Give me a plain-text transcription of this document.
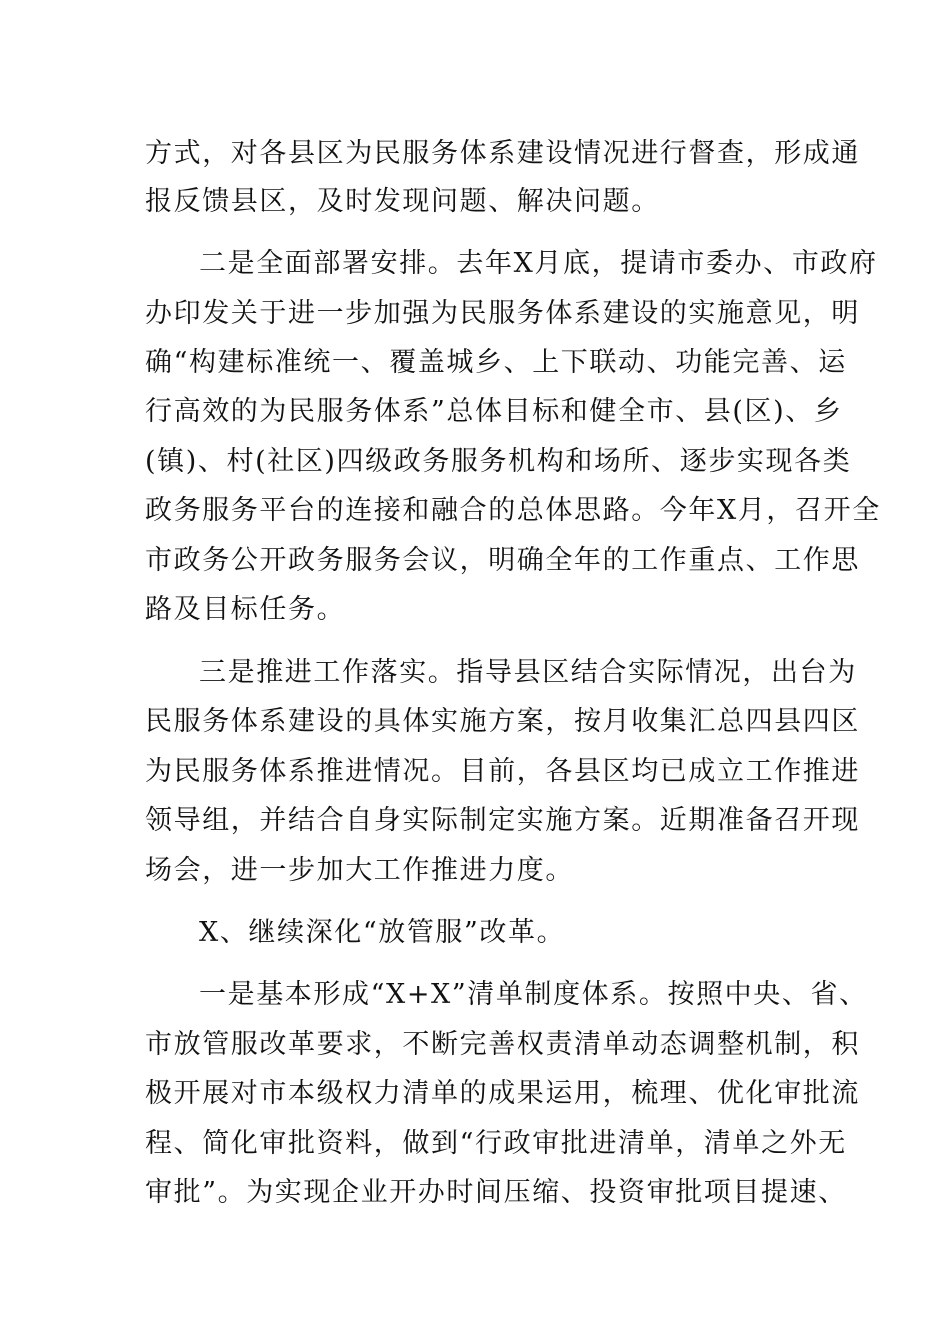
方式，对各县区为民服务体系建设情况进行督查，形成通
报反馈县区，及时发现问题、解决问题。
二是全面部署安排。去年X月底，提请市委办、市政府
办印发关于进一步加强为民服务体系建设的实施意见，明
确“构建标准统一、覆盖城乡、上下联动、功能完善、运
行高效的为民服务体系”总体目标和健全市、县(区)、乡
(镇)、村(社区)四级政务服务机构和场所、逐步实现各类
政务服务平台的连接和融合的总体思路。今年X月，召开全
市政务公开政务服务会议，明确全年的工作重点、工作思
路及目标任务。
三是推进工作落实。指导县区结合实际情况，出台为
民服务体系建设的具体实施方案，按月收集汇总四县四区
为民服务体系推进情况。目前，各县区均已成立工作推进
领导组，并结合自身实际制定实施方案。近期准备召开现
场会，进一步加大工作推进力度。
X、继续深化“放管服”改革。
一是基本形成“X+X”清单制度体系。按照中央、省、
市放管服改革要求，不断完善权责清单动态调整机制，积
极开展对市本级权力清单的成果运用，梳理、优化审批流
程、简化审批资料，做到“行政审批进清单，清单之外无
审批”。为实现企业开办时间压缩、投资审批项目提速、
